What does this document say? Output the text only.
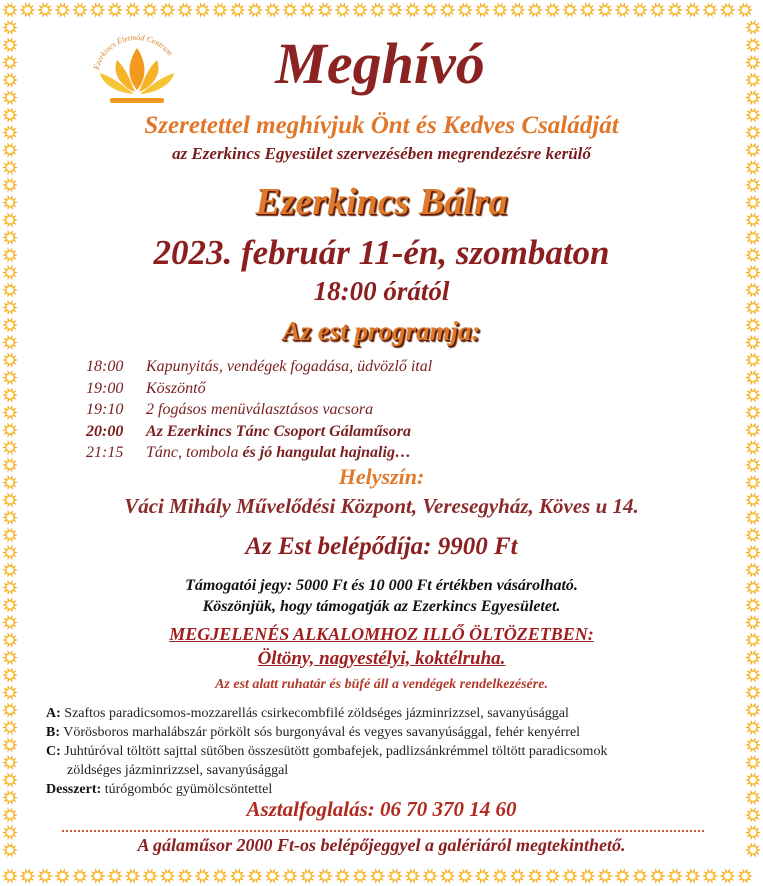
Ezerkincs Életmód Centrum	Meghívó

Szeretettel meghívjuk Önt és Kedves Családját

az Ezerkincs Egyesület szervezésében megrendezésre kerülő

Ezerkincs Bálra

2023. február 11-én, szombaton

18:00 órától

Az est programja:

18:00 Kapunyitás, vendégek fogadása, üdvözlő ital
19:00 Köszöntő
19:10 2 fogásos menüválasztásos vacsora
20:00 Az Ezerkincs Tánc Csoport Gálaműsora
21:15 Tánc, tombola és jó hangulat hajnalig…

Helyszín:

Váci Mihály Művelődési Központ, Veresegyház, Köves u 14.

Az Est belépődíja: 9900 Ft

Támogatói jegy: 5000 Ft és 10 000 Ft értékben vásárolható.

Köszönjük, hogy támogatják az Ezerkincs Egyesületet.

MEGJELENÉS ALKALOMHOZ ILLŐ ÖLTÖZETBEN:

Öltöny, nagyestélyi, koktélruha.

Az est alatt ruhatár és büfé áll a vendégek rendelkezésére.

A: Szaftos paradicsomos-mozzarellás csirkecombfilé zöldséges jázminrizzsel, savanyúsággal

B: Vörösboros marhalábszár pörkölt sós burgonyával és vegyes savanyúsággal, fehér kenyérrel

C: Juhtúróval töltött sajttal sütőben összesütött gombafejek, padlizsánkrémmel töltött paradicsomok

zöldséges jázminrizzsel, savanyúsággal

Desszert: túrógombóc gyümölcsöntettel

Asztalfoglalás: 06 70 370 14 60

A gálaműsor 2000 Ft-os belépőjeggyel a galériáról megtekinthető.
